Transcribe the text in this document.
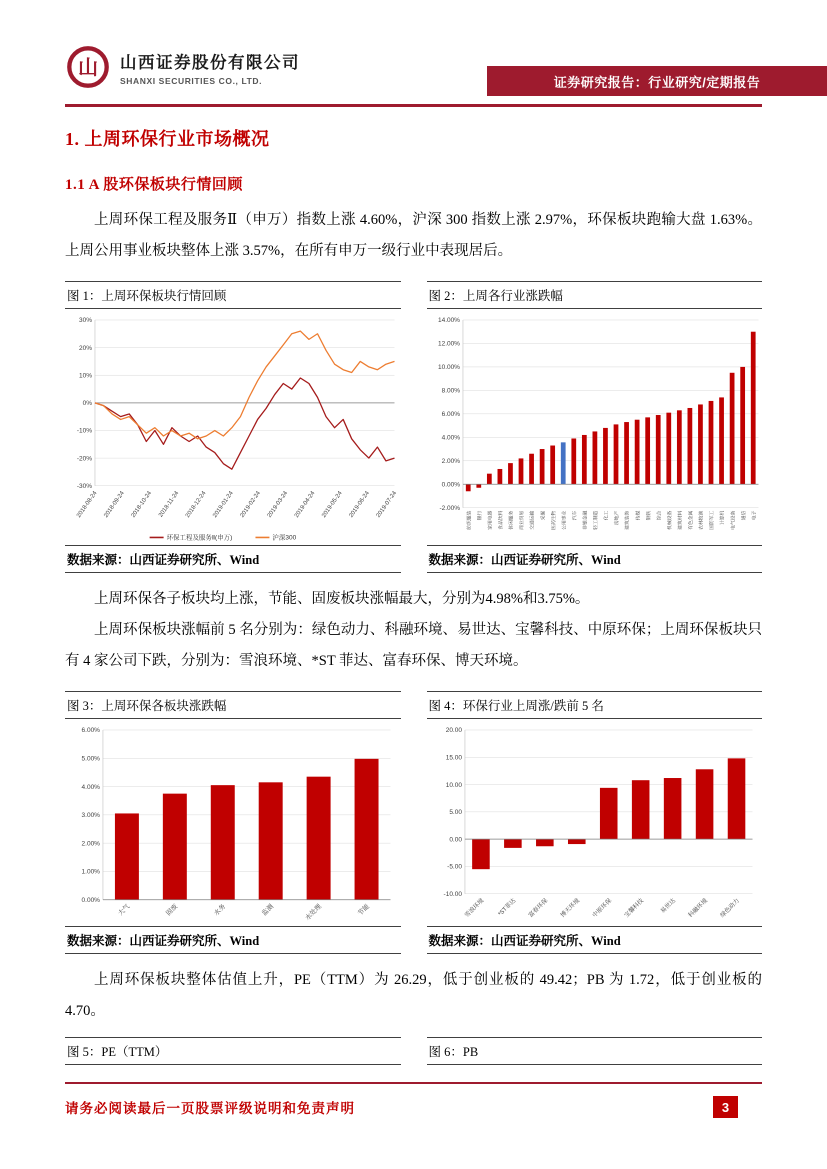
山 山西证券股份有限公司
SHANXI SECURITIES CO., LTD.	证券研究报告：行业研究/定期报告
1. 上周环保行业市场概况
1.1 A 股环保板块行情回顾

上周环保工程及服务Ⅱ（申万）指数上涨 4.60%，沪深 300 指数上涨 2.97%，环保板块跑输大盘 1.63%。上周公用事业板块整体上涨 3.57%，在所有申万一级行业中表现居后。

图 1：上周环保板块行情回顾
30%
20%
10%
0%
-10%
-20%
-30%
2018-08-24 2018-09-24 2018-10-24 2018-11-24 2018-12-24 2019-01-24 2019-02-24 2019-03-24 2019-04-24 2019-05-24 2019-06-24 2019-07-24
环保工程及服务Ⅱ(申万)	沪深300
数据来源：山西证券研究所、Wind
图 2：上周各行业涨跌幅
-2.00%
0.00%
2.00%
4.00%
6.00%
8.00%
10.00%
12.00%
14.00%
纺织服装	银行	家用电器	食品饮料	休闲服务	商业贸易	交通运输	采掘	医药生物	公用事业	汽车	非银金融	轻工制造	化工	房地产	建筑装饰	传媒	钢铁	综合	机械设备	建筑材料	有色金属	农林牧渔	国防军工	计算机	电气设备	通信	电子
数据来源：山西证券研究所、Wind

上周环保各子板块均上涨，节能、固废板块涨幅最大，分别为4.98%和3.75%。

上周环保板块涨幅前 5 名分别为：绿色动力、科融环境、易世达、宝馨科技、中原环保；上周环保板块只有 4 家公司下跌，分别为：雪浪环境、*ST 菲达、富春环保、博天环境。

图 3：上周环保各板块涨跌幅
0.00%
1.00%
2.00%
3.00%
4.00%
5.00%
6.00%
大气	固废	水务	监测	水处理	节能
数据来源：山西证券研究所、Wind
图 4：环保行业上周涨/跌前 5 名
-10.00
-5.00
0.00
5.00
10.00
15.00
20.00
雪浪环境 *ST菲达 富春环保 博天环境 中原环保 宝馨科技	易世达 科融环境 绿色动力
数据来源：山西证券研究所、Wind

上周环保板块整体估值上升，PE（TTM）为 26.29，低于创业板的 49.42；PB 为 1.72，低于创业板的 4.70。

图 5：PE（TTM）	图 6：PB
请务必阅读最后一页股票评级说明和免责声明	3
